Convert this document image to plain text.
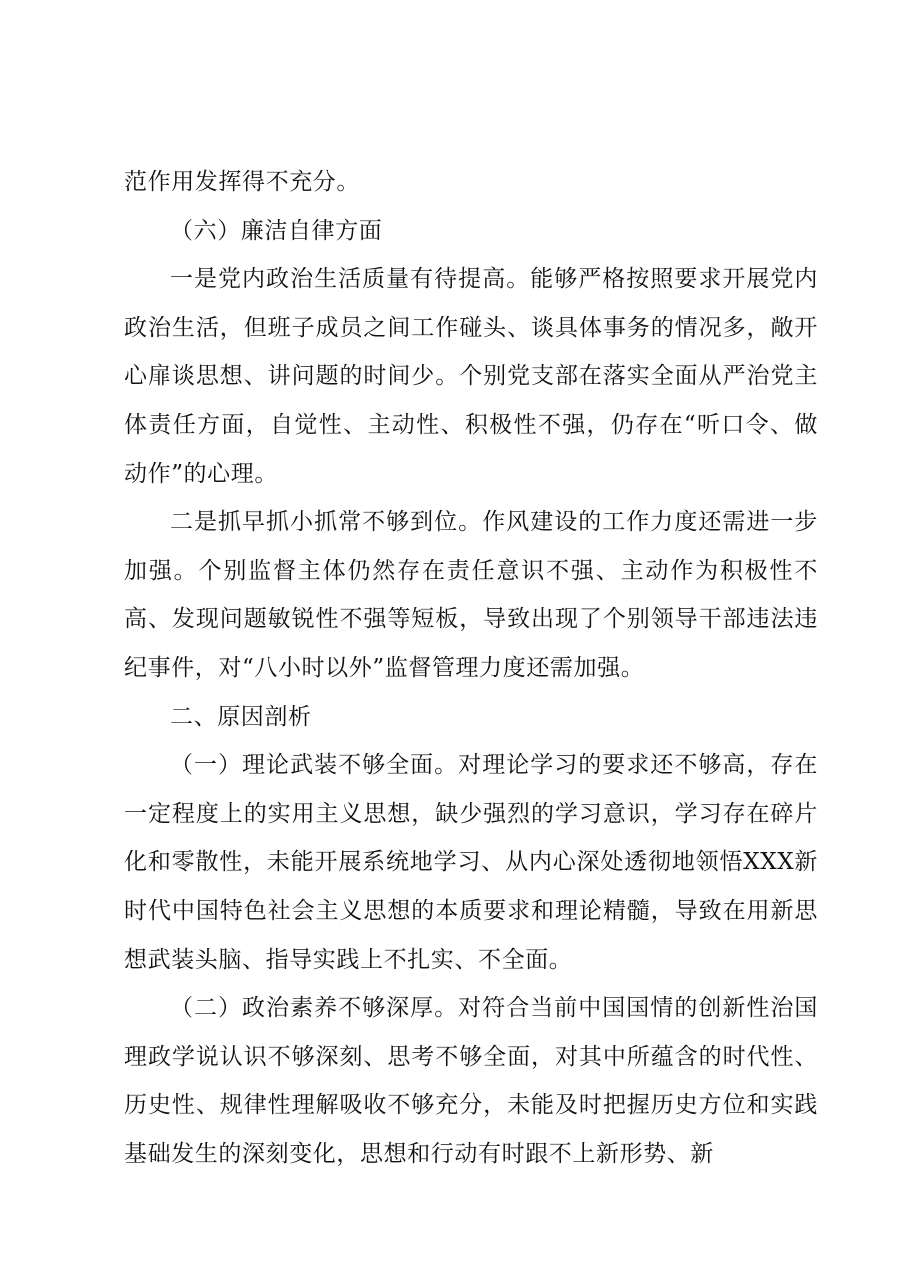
范作用发挥得不充分。

（六）廉洁自律方面

一是党内政治生活质量有待提高。能够严格按照要求开展党内政治生活，但班子成员之间工作碰头、谈具体事务的情况多，敞开心扉谈思想、讲问题的时间少。个别党支部在落实全面从严治党主体责任方面，自觉性、主动性、积极性不强，仍存在“听口令、做动作”的心理。

二是抓早抓小抓常不够到位。作风建设的工作力度还需进一步加强。个别监督主体仍然存在责任意识不强、主动作为积极性不高、发现问题敏锐性不强等短板，导致出现了个别领导干部违法违纪事件，对“八小时以外”监督管理力度还需加强。

二、原因剖析

（一）理论武装不够全面。对理论学习的要求还不够高，存在一定程度上的实用主义思想，缺少强烈的学习意识，学习存在碎片化和零散性，未能开展系统地学习、从内心深处透彻地领悟XXX新时代中国特色社会主义思想的本质要求和理论精髓，导致在用新思想武装头脑、指导实践上不扎实、不全面。

（二）政治素养不够深厚。对符合当前中国国情的创新性治国理政学说认识不够深刻、思考不够全面，对其中所蕴含的时代性、历史性、规律性理解吸收不够充分，未能及时把握历史方位和实践基础发生的深刻变化，思想和行动有时跟不上新形势、新
